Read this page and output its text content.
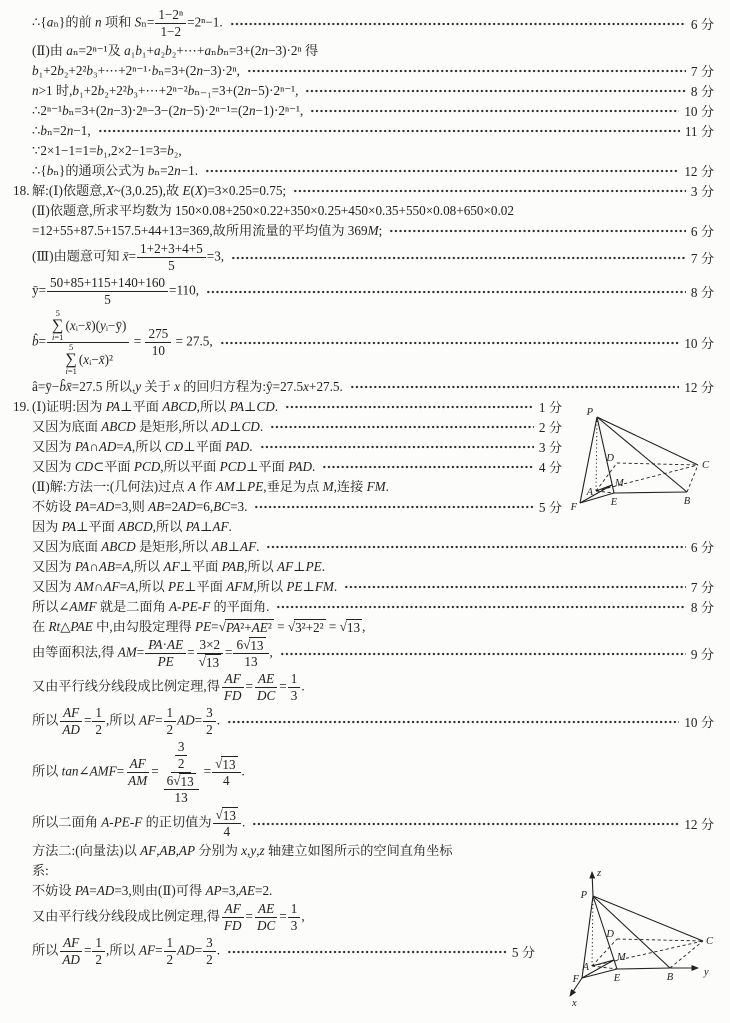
∴{aₙ}的前 n 项和 $S_n= \frac{\text{1−2ⁿ}}{1-2} =2^n-1$.	6 分
(Ⅱ)由 aₙ=2ⁿ⁻¹及 a₁b₁+a₂b₂+⋯+aₙbₙ=3+(2n−3)·2ⁿ 得
b₁+2b₂+2²b₃+⋯+2ⁿ⁻¹·bₙ=3+(2n−3)·2ⁿ,	7 分
n>1 时,b₁+2b₂+2²b₃+⋯+2ⁿ⁻²bₙ₋₁=3+(2n−5)·2ⁿ⁻¹,	8 分
∴2ⁿ⁻¹bₙ=3+(2n−3)·2ⁿ−3−(2n−5)·2ⁿ⁻¹=(2n−1)·2ⁿ⁻¹,	10 分
∴bₙ=2n−1,	11 分
∵2×1−1=1=b₁,2×2−1=3=b₂,
∴{bₙ}的通项公式为 bₙ=2n−1.	12 分
18. 解:(Ⅰ)依题意,X~(3,0.25),故 E(X)=3×0.25=0.75;	3 分
(Ⅱ)依题意,所求平均数为 150×0.08+250×0.22+350×0.25+450×0.35+550×0.08+650×0.02
=12+55+87.5+157.5+44+13=369,故所用流量的平均值为 369M;	6 分
(Ⅲ)由题意可知 x̄= $\frac{1+2+3+4+5}{5} =3$,	7 分
ȳ= $\frac{50+85+115+140+160}{5} =110$,	8 分
b̂= 5
∑
i=1
( x ᵢ− x̄ )( y ᵢ−ȳ)
5
∑
i=1
( x ᵢ− x̄ )$^2 = \frac{275}{10} = 27.5$,	10 分
â=ȳ−b̂x̄=27.5 所以,y 关于 x 的回归方程为:ŷ=27.5x+27.5.	12 分
19. (Ⅰ)证明:因为 PA⊥平面 ABCD,所以 PA⊥CD.	1 分
又因为底面 ABCD 是矩形,所以 AD⊥CD.	2 分
又因为 PA∩AD=A,所以 CD⊥平面 PAD.	3 分
又因为 CD⊂平面 PCD,所以平面 PCD⊥平面 PAD.	4 分
(Ⅱ)解:方法一:(几何法)过点 A 作 AM⊥PE,垂足为点 M,连接 FM.
不妨设 PA=AD=3,则 AB=2AD=6,BC=3.	5 分
因为 PA⊥平面 ABCD,所以 PA⊥AF.
又因为底面 ABCD 是矩形,所以 AB⊥AF.	6 分
又因为 PA∩AB=A,所以 AF⊥平面 PAB,所以 AF⊥PE.
又因为 AM∩AF=A,所以 PE⊥平面 AFM,所以 PE⊥FM.	7 分
所以∠AMF 就是二面角 A-PE-F 的平面角.	8 分
在 Rt△PAE 中,由勾股定理得 PE= √ PA²+AE² = √ 3²+2² = √ 13 ,
由等面积法,得 $AM= \frac{PA \cdot AE}{PE} = \frac{3\times 2}{√ 13} = \frac{6 √ 13}{13}$ ,	9 分
又由平行线分线段成比例定理,得 $\frac{AF}{FD} = \frac{AE}{DC} = \frac{1}{3}$ .
所以 $\frac{AF}{AD} = \frac{1}{2}$ ,所以 $AF= \frac{1}{2} AD= \frac{3}{2}$ .	10 分
所以 tan∠AMF= $\frac{AF}{AM} = \frac{\frac{3}{2}}{\frac{6 √ 13}{13}} = \frac{√ 13}{4}$ .
所以二面角 A-PE-F 的正切值为 $\frac{√ 13}{4}$ .	12 分
方法二:(向量法)以 AF,AB,AP 分别为 x,y,z 轴建立如图所示的空间直角坐标
系:
不妨设 PA=AD=3,则由(Ⅱ)可得 AP=3,AE=2.
又由平行线分线段成比例定理,得 $\frac{AF}{FD} = \frac{AE}{DC} = \frac{1}{3}$ ,
所以 $\frac{AF}{AD} = \frac{1}{2}$ ,所以 $AF= \frac{1}{2} AD= \frac{3}{2}$ .	5 分
P
D
C
M
A
E	B
F
z
P
D
C
M
A
E	B
F
y
x
